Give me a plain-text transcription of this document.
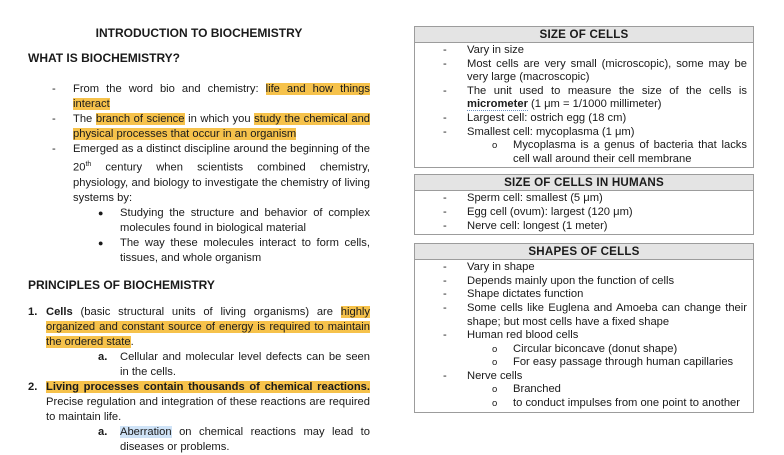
INTRODUCTION TO BIOCHEMISTRY
WHAT IS BIOCHEMISTRY?
- From the word bio and chemistry: life and how things interact
- The branch of science in which you study the chemical and physical processes that occur in an organism
- Emerged as a distinct discipline around the beginning of the 20th century when scientists combined chemistry, physiology, and biology to investigate the chemistry of living systems by:
● Studying the structure and behavior of complex molecules found in biological material
● The way these molecules interact to form cells, tissues, and whole organism
PRINCIPLES OF BIOCHEMISTRY
1. Cells (basic structural units of living organisms) are highly organized and constant source of energy is required to maintain the ordered state.
a. Cellular and molecular level defects can be seen in the cells.
2. Living processes contain thousands of chemical reactions. Precise regulation and integration of these reactions are required to maintain life.
a. Aberration on chemical reactions may lead to diseases or problems.
SIZE OF CELLS
- Vary in size
- Most cells are very small (microscopic), some may be very large (macroscopic)
- The unit used to measure the size of the cells is micrometer (1 μm = 1/1000 millimeter)
- Largest cell: ostrich egg (18 cm)
- Smallest cell: mycoplasma (1 μm)
o Mycoplasma is a genus of bacteria that lacks cell wall around their cell membrane
SIZE OF CELLS IN HUMANS
- Sperm cell: smallest (5 μm)
- Egg cell (ovum): largest (120 μm)
- Nerve cell: longest (1 meter)
SHAPES OF CELLS
- Vary in shape
- Depends mainly upon the function of cells
- Shape dictates function
- Some cells like Euglena and Amoeba can change their shape; but most cells have a fixed shape
- Human red blood cells
o Circular biconcave (donut shape)
o For easy passage through human capillaries
- Nerve cells
o Branched
o to conduct impulses from one point to another
